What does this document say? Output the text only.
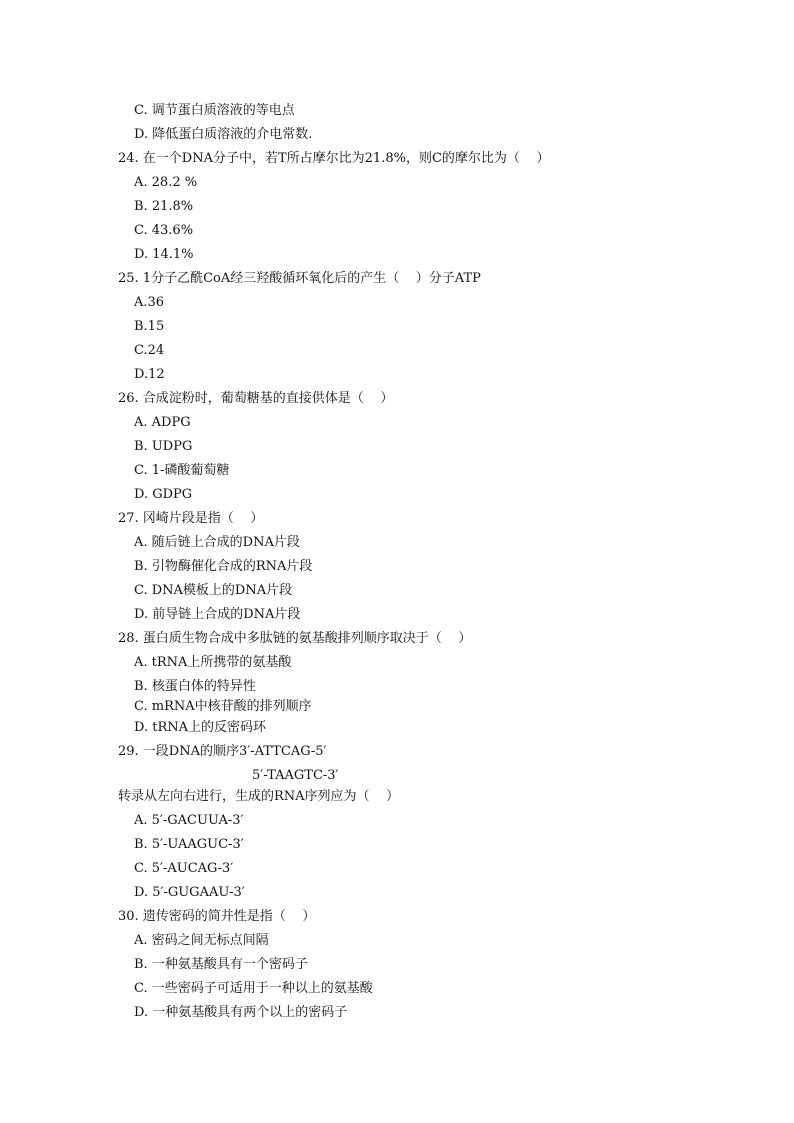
C. 调节蛋白质溶液的等电点
D. 降低蛋白质溶液的介电常数.
24. 在一个DNA分子中，若T所占摩尔比为21.8%，则C的摩尔比为（    ）
A. 28.2 %
B. 21.8%
C. 43.6%
D. 14.1%
25. 1分子乙酰CoA经三羟酸循环氧化后的产生（    ）分子ATP
A.36
B.15
C.24
D.12
26. 合成淀粉时，葡萄糖基的直接供体是（    ）
A. ADPG
B. UDPG
C. 1-磷酸葡萄糖
D. GDPG
27. 冈崎片段是指（    ）
A. 随后链上合成的DNA片段
B. 引物酶催化合成的RNA片段
C. DNA模板上的DNA片段
D. 前导链上合成的DNA片段
28. 蛋白质生物合成中多肽链的氨基酸排列顺序取决于（    ）
A. tRNA上所携带的氨基酸
B. 核蛋白体的特异性
C. mRNA中核苷酸的排列顺序
D. tRNA上的反密码环
29. 一段DNA的顺序3′-ATTCAG-5′
5′-TAAGTC-3′
转录从左向右进行，生成的RNA序列应为（    ）
A. 5′-GACUUA-3′
B. 5′-UAAGUC-3′
C. 5′-AUCAG-3′
D. 5′-GUGAAU-3′
30. 遗传密码的简并性是指（    ）
A. 密码之间无标点间隔
B. 一种氨基酸具有一个密码子
C. 一些密码子可适用于一种以上的氨基酸
D. 一种氨基酸具有两个以上的密码子
